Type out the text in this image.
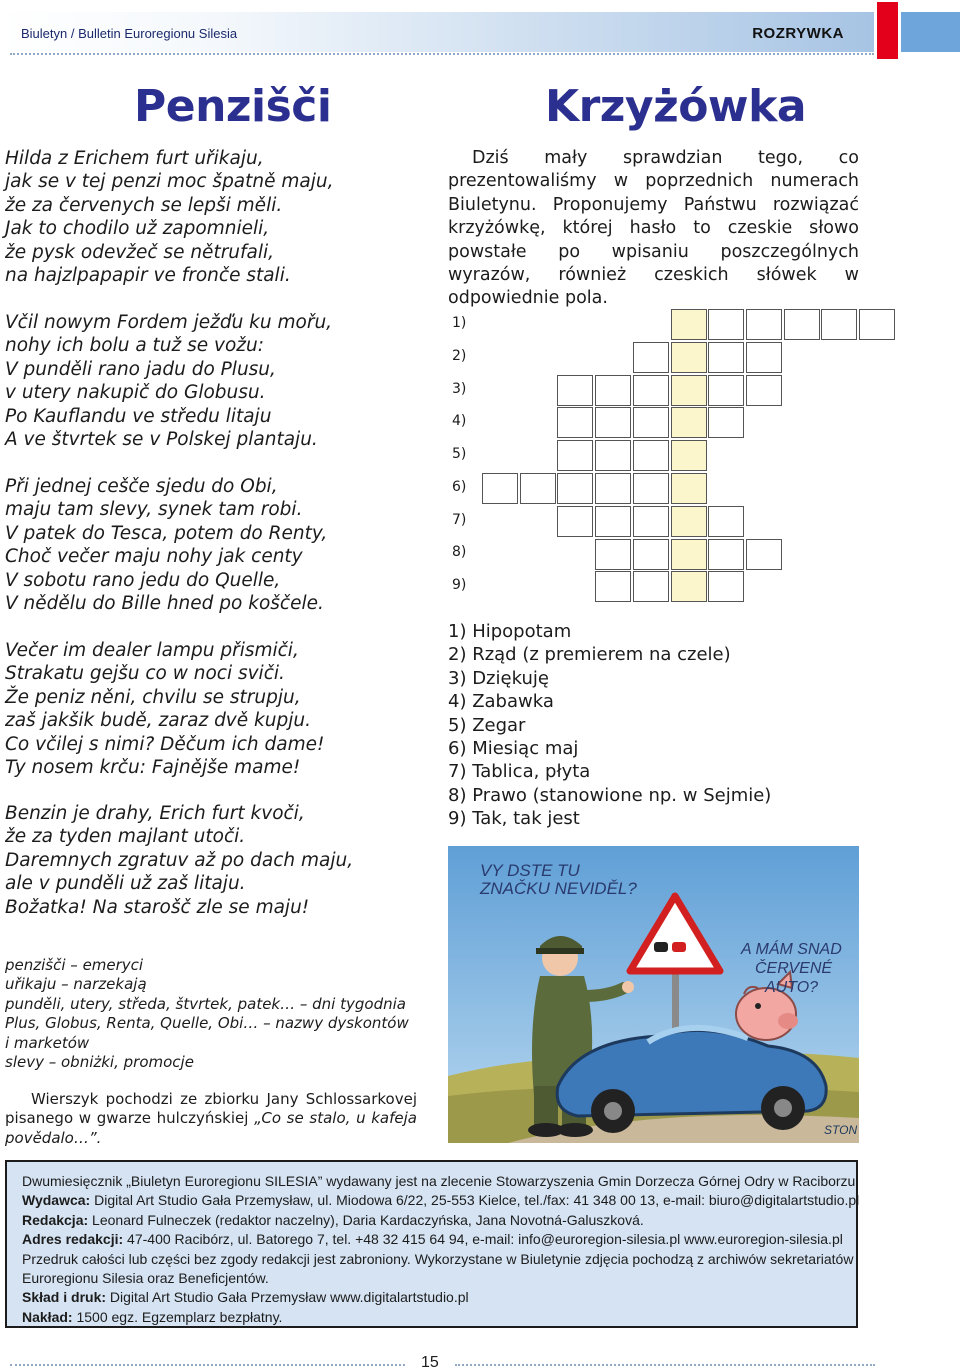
Biuletyn / Bulletin Euroregionu Silesia	ROZRYWKA
Penzišči	Krzyżówka
Hilda z Erichem furt uřikaju,
jak se v tej penzi moc špatně maju,
že za červenych se lepši měli.
Jak to chodilo už zapomnieli,
že pysk odevžeč se nětrufali,
na hajzlpapapir ve fronče stali.
Včil nowym Fordem ježďu ku mořu,
nohy ich bolu a tuž se vožu:
V punděli rano jadu do Plusu,
v utery nakupič do Globusu.
Po Kauflandu ve středu litaju
A ve štvrtek se v Polskej plantaju.
Při jednej cešče sjedu do Obi,
maju tam slevy, synek tam robi.
V patek do Tesca, potem do Renty,
Choč večer maju nohy jak centy
V sobotu rano jedu do Quelle,
V nědělu do Bille hned po koščele.
Večer im dealer lampu přismiči,
Strakatu gejšu co w noci sviči.
Že peniz něni, chvilu se strupju,
zaš jakšik budě, zaraz dvě kupju.
Co včilej s nimi? Děčum ich dame!
Ty nosem krču: Fajnějše mame!
Benzin je drahy, Erich furt kvoči,
že za tyden majlant utoči.
Daremnych zgratuv až po dach maju,
ale v punděli už zaš litaju.
Božatka! Na starošč zle se maju!
penzišči – emeryci
uřikaju – narzekają
punděli, utery, středa, štvrtek, patek… – dni tygodnia
Plus, Globus, Renta, Quelle, Obi… – nazwy dyskontów
i marketów
slevy – obniżki, promocje
Wierszyk pochodzi ze zbiorku Jany Schlossarkovej pisanego w gwarze hulczyńskiej „Co se stalo, u kafeja povědalo…”.
Dziś mały sprawdzian tego, co prezentowaliśmy w poprzednich numerach Biuletynu. Proponujemy Państwu rozwiązać krzyżówkę, której hasło to czeskie słowo powstałe po wpisaniu poszczególnych wyrazów, również czeskich słówek w odpowiednie pola.
1)
2)
3)
4)
5)
6)
7)
8)
9)
1) Hipopotam
2) Rząd (z premierem na czele)
3) Dziękuję
4) Zabawka
5) Zegar
6) Miesiąc maj
7) Tablica, płyta
8) Prawo (stanowione np. w Sejmie)
9) Tak, tak jest
VY DSTE TU
ZNAČKU NEVIDĚL?
A MÁM SNAD
ČERVENÉ
AUTO?
STON
Dwumiesięcznik „Biuletyn Euroregionu SILESIA” wydawany jest na zlecenie Stowarzyszenia Gmin Dorzecza Górnej Odry w Raciborzu.
Wydawca: Digital Art Studio Gała Przemysław, ul. Miodowa 6/22, 25-553 Kielce, tel./fax: 41 348 00 13, e-mail: biuro@digitalartstudio.pl
Redakcja: Leonard Fulneczek (redaktor naczelny), Daria Kardaczyńska, Jana Novotná-Galuszková.
Adres redakcji: 47-400 Racibórz, ul. Batorego 7, tel. +48 32 415 64 94, e-mail: info@euroregion-silesia.pl www.euroregion-silesia.pl
Przedruk całości lub części bez zgody redakcji jest zabroniony. Wykorzystane w Biuletynie zdjęcia pochodzą z archiwów sekretariatów
Euroregionu Silesia oraz Beneficjentów.
Skład i druk: Digital Art Studio Gała Przemysław www.digitalartstudio.pl
Nakład: 1500 egz. Egzemplarz bezpłatny.
15
